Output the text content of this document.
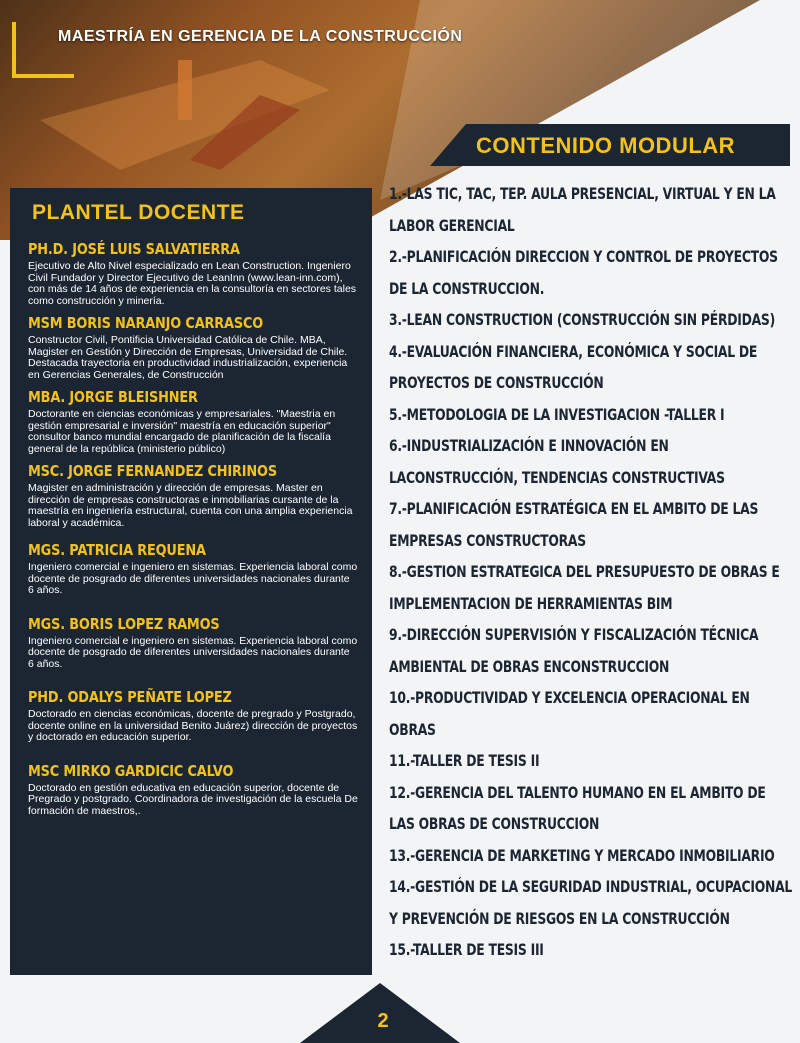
MAESTRÍA EN GERENCIA DE LA CONSTRUCCIÓN
CONTENIDO MODULAR
PLANTEL DOCENTE
PH.D. JOSÉ LUIS SALVATIERRA
Ejecutivo de Alto Nivel especializado en Lean Construction. Ingeniero Civil Fundador y Director Ejecutivo de LeanInn (www.lean-inn.com), con más de 14 años de experiencia en la consultoría en sectores tales como construcción y minería.
MSM BORIS NARANJO CARRASCO
Constructor Civil, Pontificia Universidad Católica de Chile. MBA, Magister en Gestión y Dirección de Empresas, Universidad de Chile. Destacada trayectoria en productividad industrialización, experiencia en Gerencias Generales, de Construcción
MBA. JORGE BLEISHNER
Doctorante en ciencias económicas y empresariales. "Maestria en gestión empresarial e inversión" maestría en educación superior" consultor banco mundial encargado de planificación de la fiscalía general de la república (ministerio público)
MSC. JORGE FERNANDEZ CHIRINOS
Magister en administración y dirección de empresas. Master en dirección de empresas constructoras e inmobiliarias cursante de la maestría en ingeniería estructural, cuenta con una amplia experiencia laboral y académica.
MGS. PATRICIA REQUENA
Ingeniero comercial e ingeniero en sistemas. Experiencia laboral como docente de posgrado de diferentes universidades nacionales durante 6 años.
MGS. BORIS LOPEZ RAMOS
Ingeniero comercial e ingeniero en sistemas. Experiencia laboral como docente de posgrado de diferentes universidades nacionales durante 6 años.
PHD. ODALYS PEÑATE LOPEZ
Doctorado en ciencias económicas, docente de pregrado y Postgrado, docente online en la universidad Benito Juárez) dirección de proyectos y doctorado en educación superior.
MSC MIRKO GARDICIC CALVO
Doctorado en gestión educativa en educación superior, docente de Pregrado y postgrado. Coordinadora de investigación de la escuela De formación de maestros,.
1.-LAS TIC, TAC, TEP. AULA PRESENCIAL, VIRTUAL Y EN LA LABOR GERENCIAL
2.-PLANIFICACIÓN DIRECCION Y CONTROL DE PROYECTOS DE LA CONSTRUCCION.
3.-LEAN CONSTRUCTION (CONSTRUCCIÓN SIN PÉRDIDAS)
4.-EVALUACIÓN FINANCIERA, ECONÓMICA Y SOCIAL DE PROYECTOS DE CONSTRUCCIÓN
5.-METODOLOGIA DE LA INVESTIGACION -TALLER I
6.-INDUSTRIALIZACIÓN E INNOVACIÓN EN LACONSTRUCCIÓN, TENDENCIAS CONSTRUCTIVAS
7.-PLANIFICACIÓN ESTRATÉGICA EN EL AMBITO DE LAS EMPRESAS CONSTRUCTORAS
8.-GESTION ESTRATEGICA DEL PRESUPUESTO DE OBRAS E IMPLEMENTACION DE HERRAMIENTAS BIM
9.-DIRECCIÓN SUPERVISIÓN Y FISCALIZACIÓN TÉCNICA AMBIENTAL DE OBRAS ENCONSTRUCCION
10.-PRODUCTIVIDAD Y EXCELENCIA OPERACIONAL EN OBRAS
11.-TALLER DE TESIS II
12.-GERENCIA DEL TALENTO HUMANO EN EL AMBITO DE LAS OBRAS DE CONSTRUCCION
13.-GERENCIA DE MARKETING Y MERCADO INMOBILIARIO
14.-GESTIÓN DE LA SEGURIDAD INDUSTRIAL, OCUPACIONAL Y PREVENCIÓN DE RIESGOS EN LA CONSTRUCCIÓN
15.-TALLER DE TESIS III
2
